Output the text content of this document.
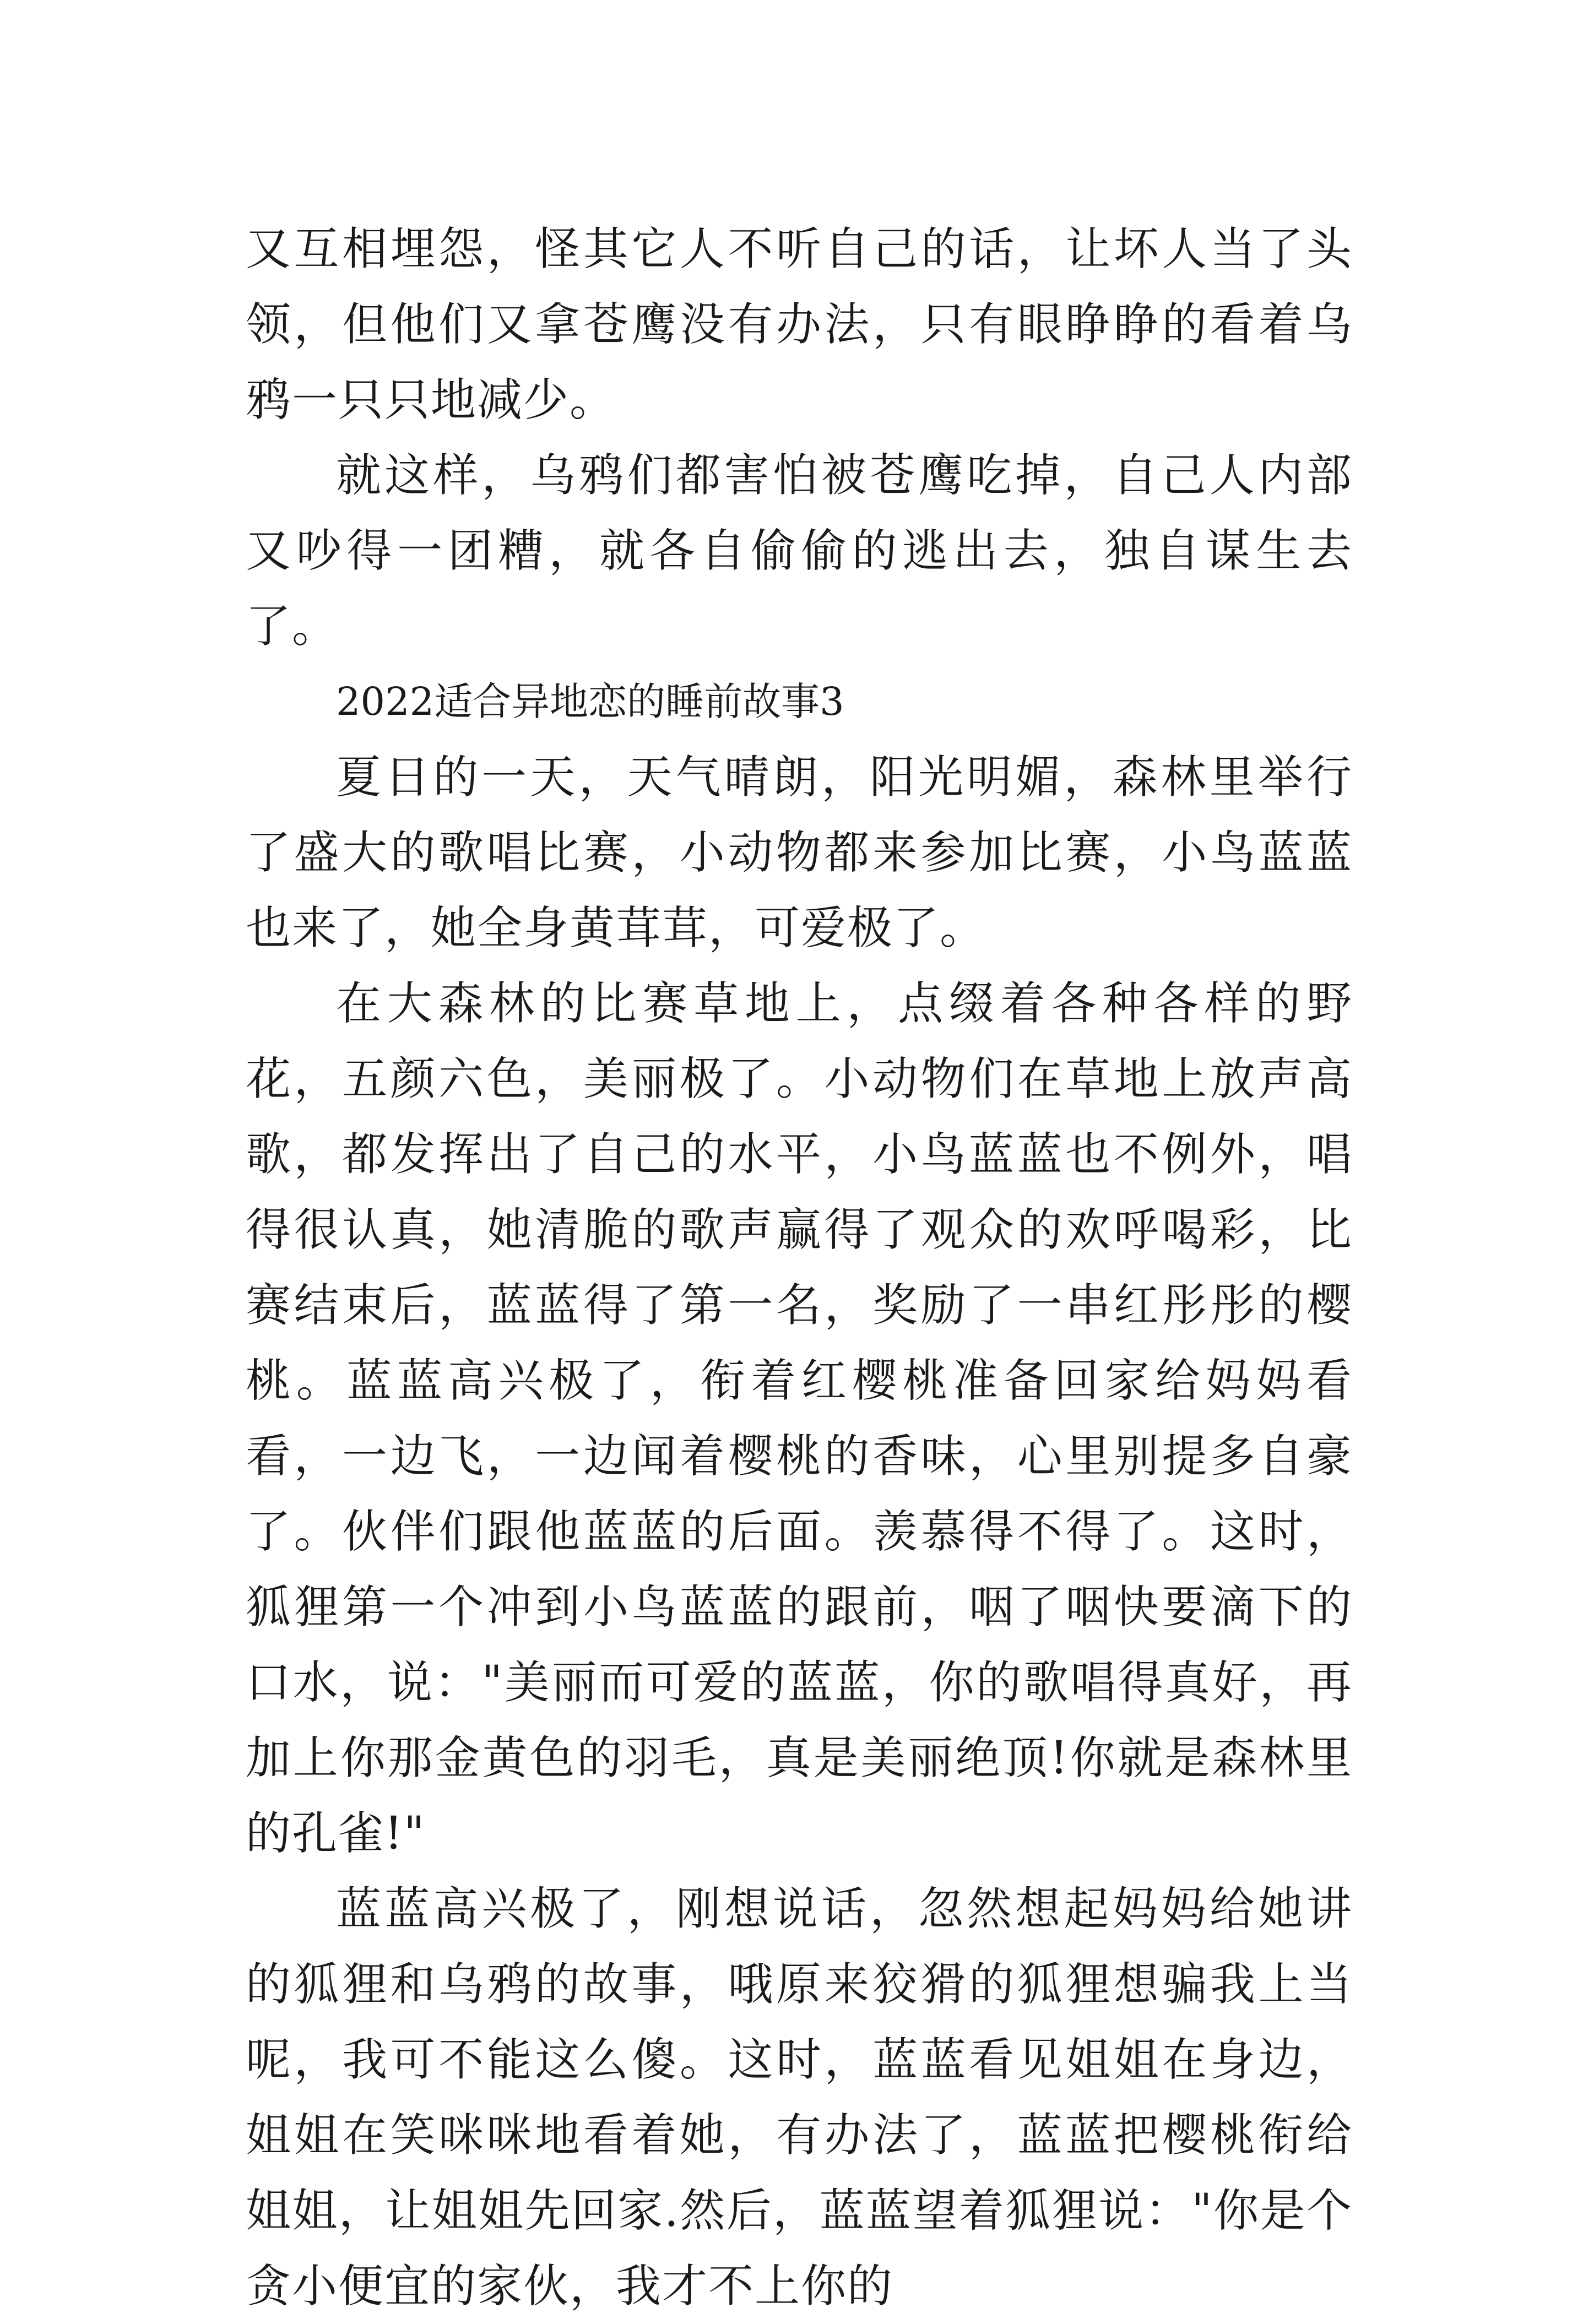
又互相埋怨，怪其它人不听自己的话，让坏人当了头领，但他们又拿苍鹰没有办法，只有眼睁睁的看着乌鸦一只只地减少。

就这样，乌鸦们都害怕被苍鹰吃掉，自己人内部又吵得一团糟，就各自偷偷的逃出去，独自谋生去了。

2022适合异地恋的睡前故事3

夏日的一天，天气晴朗，阳光明媚，森林里举行了盛大的歌唱比赛，小动物都来参加比赛，小鸟蓝蓝也来了，她全身黄茸茸，可爱极了。

在大森林的比赛草地上，点缀着各种各样的野花，五颜六色，美丽极了。小动物们在草地上放声高歌，都发挥出了自己的水平，小鸟蓝蓝也不例外，唱得很认真，她清脆的歌声赢得了观众的欢呼喝彩，比赛结束后，蓝蓝得了第一名，奖励了一串红彤彤的樱桃。蓝蓝高兴极了，衔着红樱桃准备回家给妈妈看看，一边飞，一边闻着樱桃的香味，心里别提多自豪了。伙伴们跟他蓝蓝的后面。羡慕得不得了。这时，狐狸第一个冲到小鸟蓝蓝的跟前，咽了咽快要滴下的口水，说："美丽而可爱的蓝蓝，你的歌唱得真好，再加上你那金黄色的羽毛，真是美丽绝顶!你就是森林里的孔雀!"

蓝蓝高兴极了，刚想说话，忽然想起妈妈给她讲的狐狸和乌鸦的故事，哦原来狡猾的狐狸想骗我上当呢，我可不能这么傻。这时，蓝蓝看见姐姐在身边，姐姐在笑咪咪地看着她，有办法了，蓝蓝把樱桃衔给姐姐，让姐姐先回家.然后，蓝蓝望着狐狸说："你是个贪小便宜的家伙，我才不上你的
